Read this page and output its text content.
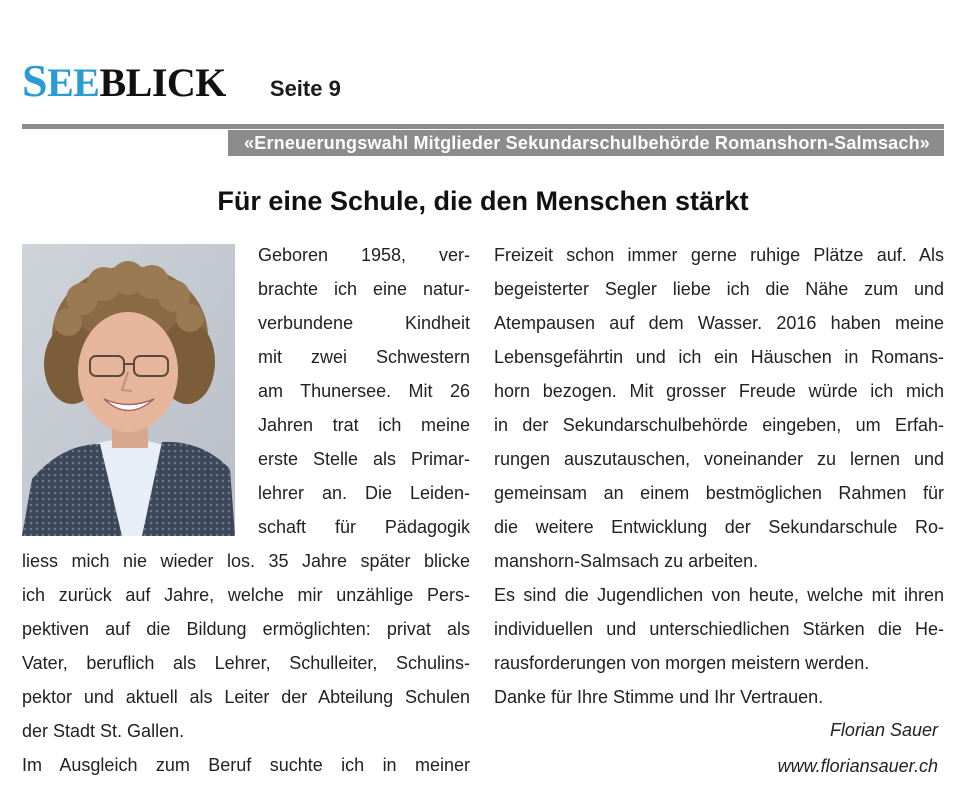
SEEBLICK Seite 9
«Erneuerungswahl Mitglieder Sekundarschulbehörde Romanshorn-Salmsach»
Für eine Schule, die den Menschen stärkt
Geboren 1958, ver-
brachte ich eine natur-
verbundene Kindheit
mit zwei Schwestern
am Thunersee. Mit 26
Jahren trat ich meine
erste Stelle als Primar-
lehrer an. Die Leiden-
schaft für Pädagogik
liess mich nie wieder los. 35 Jahre später blicke
ich zurück auf Jahre, welche mir unzählige Pers-
pektiven auf die Bildung ermöglichten: privat als
Vater, beruflich als Lehrer, Schulleiter, Schulins-
pektor und aktuell als Leiter der Abteilung Schulen
der Stadt St. Gallen.
Im Ausgleich zum Beruf suchte ich in meiner
Freizeit schon immer gerne ruhige Plätze auf. Als
begeisterter Segler liebe ich die Nähe zum und
Atempausen auf dem Wasser. 2016 haben meine
Lebensgefährtin und ich ein Häuschen in Romans-
horn bezogen. Mit grosser Freude würde ich mich
in der Sekundarschulbehörde eingeben, um Erfah-
rungen auszutauschen, voneinander zu lernen und
gemeinsam an einem bestmöglichen Rahmen für
die weitere Entwicklung der Sekundarschule Ro-
manshorn-Salmsach zu arbeiten.
Es sind die Jugendlichen von heute, welche mit ihren
individuellen und unterschiedlichen Stärken die He-
rausforderungen von morgen meistern werden.
Danke für Ihre Stimme und Ihr Vertrauen.
Florian Sauer
www.floriansauer.ch
